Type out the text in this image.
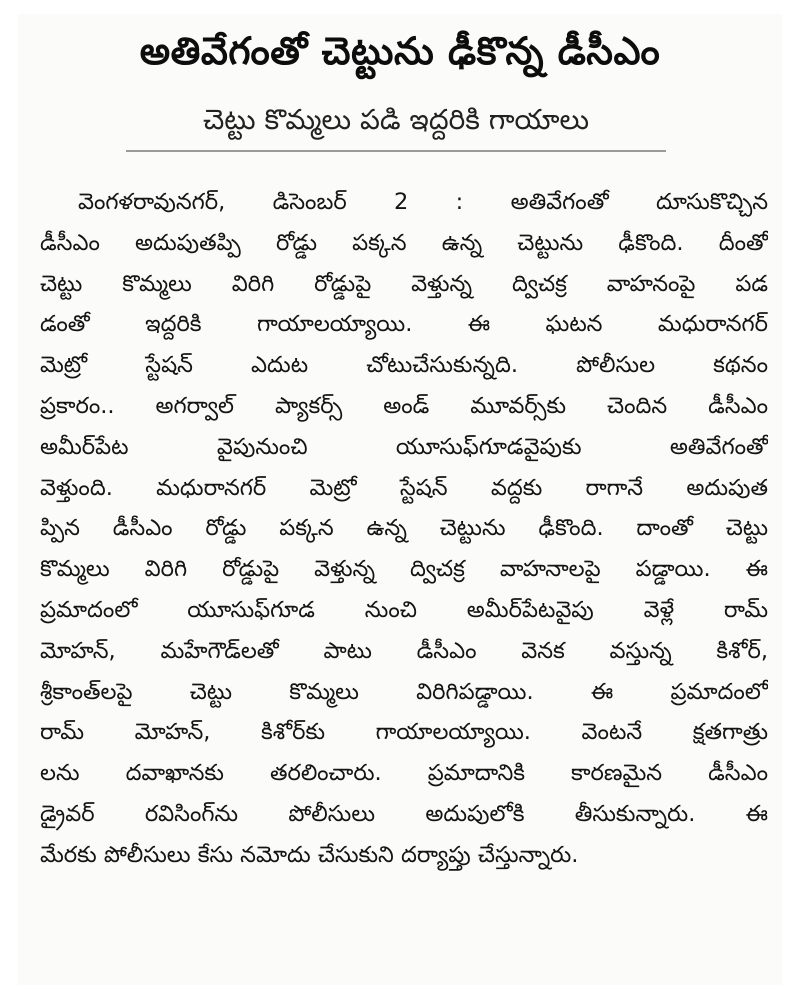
అతివేగంతో చెట్టును ఢీకొన్న డీసీఎం
చెట్టు కొమ్మలు పడి ఇద్దరికి గాయాలు
వెంగళరావునగర్, డిసెంబర్ 2 : అతివేగంతో దూసుకొచ్చిన
డీసీఎం అదుపుతప్పి రోడ్డు పక్కన ఉన్న చెట్టును ఢీకొంది. దీంతో
చెట్టు కొమ్మలు విరిగి రోడ్డుపై వెళ్తున్న ద్విచక్ర వాహనంపై పడ
డంతో ఇద్దరికి గాయాలయ్యాయి. ఈ ఘటన మధురానగర్
మెట్రో స్టేషన్ ఎదుట చోటుచేసుకున్నది. పోలీసుల కథనం
ప్రకారం.. అగర్వాల్ ప్యాకర్స్ అండ్ మూవర్స్‌కు చెందిన డీసీఎం
అమీర్‌పేట వైపునుంచి యూసుఫ్‌గూడవైపుకు అతివేగంతో
వెళ్తుంది. మధురానగర్ మెట్రో స్టేషన్ వద్దకు రాగానే అదుపుత
ప్పిన డీసీఎం రోడ్డు పక్కన ఉన్న చెట్టును ఢీకొంది. దాంతో చెట్టు
కొమ్మలు విరిగి రోడ్డుపై వెళ్తున్న ద్విచక్ర వాహనాలపై పడ్డాయి. ఈ
ప్రమాదంలో యూసుఫ్‌గూడ నుంచి అమీర్‌పేటవైపు వెళ్లే రామ్
మోహన్, మహేగౌడ్‌లతో పాటు డీసీఎం వెనక వస్తున్న కిశోర్,
శ్రీకాంత్‌లపై చెట్టు కొమ్మలు విరిగిపడ్డాయి. ఈ ప్రమాదంలో
రామ్ మోహన్, కిశోర్‌కు గాయాలయ్యాయి. వెంటనే క్షతగాత్రు
లను దవాఖానకు తరలించారు. ప్రమాదానికి కారణమైన డీసీఎం
డ్రైవర్ రవిసింగ్‌ను పోలీసులు అదుపులోకి తీసుకున్నారు. ఈ
మేరకు పోలీసులు కేసు నమోదు చేసుకుని దర్యాప్తు చేస్తున్నారు.
